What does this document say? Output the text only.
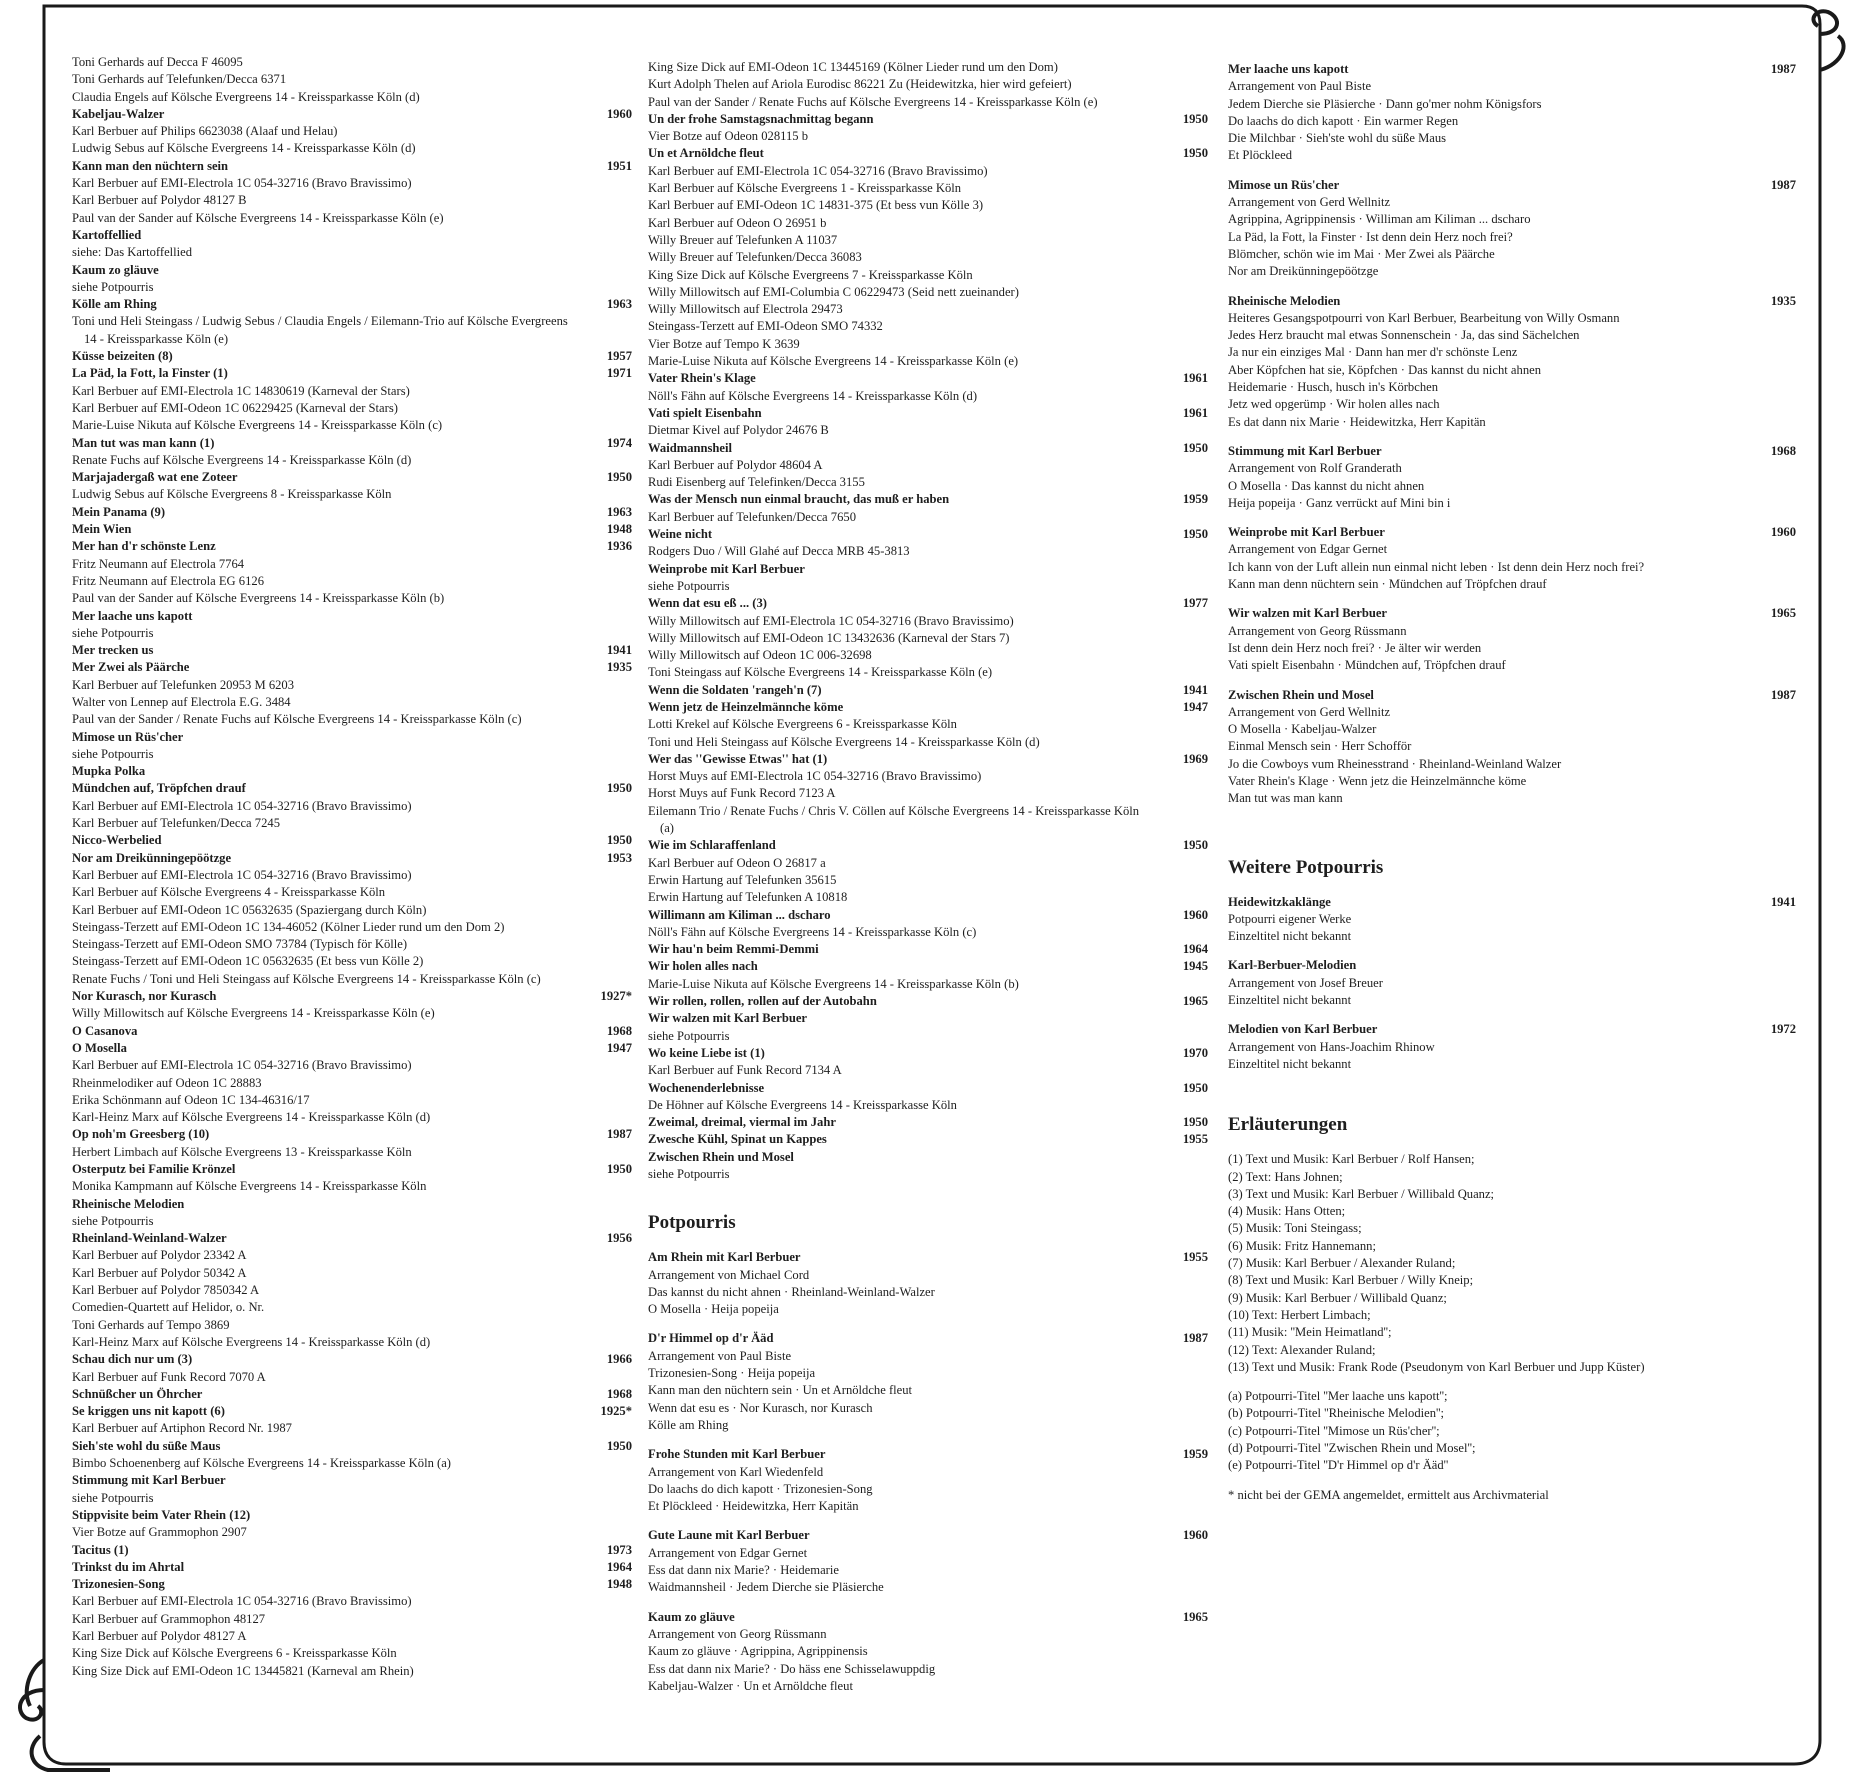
Toni Gerhards auf Decca F 46095
Toni Gerhards auf Telefunken/Decca 6371
Claudia Engels auf Kölsche Evergreens 14 - Kreissparkasse Köln (d)
Kabeljau-Walzer	1960
Karl Berbuer auf Philips 6623038 (Alaaf und Helau)
Ludwig Sebus auf Kölsche Evergreens 14 - Kreissparkasse Köln (d)
Kann man den nüchtern sein	1951
Karl Berbuer auf EMI-Electrola 1C 054-32716 (Bravo Bravissimo)
Karl Berbuer auf Polydor 48127 B
Paul van der Sander auf Kölsche Evergreens 14 - Kreissparkasse Köln (e)
Kartoffellied
siehe: Das Kartoffellied
Kaum zo gläuve
siehe Potpourris
Kölle am Rhing	1963
Toni und Heli Steingass / Ludwig Sebus / Claudia Engels / Eilemann-Trio auf Kölsche Evergreens 14 - Kreissparkasse Köln (e)
Küsse beizeiten (8)	1957
La Päd, la Fott, la Finster (1)	1971
Karl Berbuer auf EMI-Electrola 1C 14830619 (Karneval der Stars)
Karl Berbuer auf EMI-Odeon 1C 06229425 (Karneval der Stars)
Marie-Luise Nikuta auf Kölsche Evergreens 14 - Kreissparkasse Köln (c)
Man tut was man kann (1)	1974
Renate Fuchs auf Kölsche Evergreens 14 - Kreissparkasse Köln (d)
Marjajadergaß wat ene Zoteer	1950
Ludwig Sebus auf Kölsche Evergreens 8 - Kreissparkasse Köln
Mein Panama (9)	1963
Mein Wien	1948
Mer han d'r schönste Lenz	1936
Fritz Neumann auf Electrola 7764
Fritz Neumann auf Electrola EG 6126
Paul van der Sander auf Kölsche Evergreens 14 - Kreissparkasse Köln (b)
Mer laache uns kapott
siehe Potpourris
Mer trecken us	1941
Mer Zwei als Päärche	1935
Karl Berbuer auf Telefunken 20953 M 6203
Walter von Lennep auf Electrola E.G. 3484
Paul van der Sander / Renate Fuchs auf Kölsche Evergreens 14 - Kreissparkasse Köln (c)
Mimose un Rüs'cher
siehe Potpourris
Mupka Polka
Mündchen auf, Tröpfchen drauf	1950
Karl Berbuer auf EMI-Electrola 1C 054-32716 (Bravo Bravissimo)
Karl Berbuer auf Telefunken/Decca 7245
Nicco-Werbelied	1950
Nor am Dreikünningepöötzge	1953
Karl Berbuer auf EMI-Electrola 1C 054-32716 (Bravo Bravissimo)
Karl Berbuer auf Kölsche Evergreens 4 - Kreissparkasse Köln
Karl Berbuer auf EMI-Odeon 1C 05632635 (Spaziergang durch Köln)
Steingass-Terzett auf EMI-Odeon 1C 134-46052 (Kölner Lieder rund um den Dom 2)
Steingass-Terzett auf EMI-Odeon SMO 73784 (Typisch för Kölle)
Steingass-Terzett auf EMI-Odeon 1C 05632635 (Et bess vun Kölle 2)
Renate Fuchs / Toni und Heli Steingass auf Kölsche Evergreens 14 - Kreissparkasse Köln (c)
Nor Kurasch, nor Kurasch	1927*
Willy Millowitsch auf Kölsche Evergreens 14 - Kreissparkasse Köln (e)
O Casanova	1968
O Mosella	1947
Karl Berbuer auf EMI-Electrola 1C 054-32716 (Bravo Bravissimo)
Rheinmelodiker auf Odeon 1C 28883
Erika Schönmann auf Odeon 1C 134-46316/17
Karl-Heinz Marx auf Kölsche Evergreens 14 - Kreissparkasse Köln (d)
Op noh'm Greesberg (10)	1987
Herbert Limbach auf Kölsche Evergreens 13 - Kreissparkasse Köln
Osterputz bei Familie Krönzel	1950
Monika Kampmann auf Kölsche Evergreens 14 - Kreissparkasse Köln
Rheinische Melodien
siehe Potpourris
Rheinland-Weinland-Walzer	1956
Karl Berbuer auf Polydor 23342 A
Karl Berbuer auf Polydor 50342 A
Karl Berbuer auf Polydor 7850342 A
Comedien-Quartett auf Helidor, o. Nr.
Toni Gerhards auf Tempo 3869
Karl-Heinz Marx auf Kölsche Evergreens 14 - Kreissparkasse Köln (d)
Schau dich nur um (3)	1966
Karl Berbuer auf Funk Record 7070 A
Schnüßcher un Öhrcher	1968
Se kriggen uns nit kapott (6)	1925*
Karl Berbuer auf Artiphon Record Nr. 1987
Sieh'ste wohl du süße Maus	1950
Bimbo Schoenenberg auf Kölsche Evergreens 14 - Kreissparkasse Köln (a)
Stimmung mit Karl Berbuer
siehe Potpourris
Stippvisite beim Vater Rhein (12)
Vier Botze auf Grammophon 2907
Tacitus (1)	1973
Trinkst du im Ahrtal	1964
Trizonesien-Song	1948
Karl Berbuer auf EMI-Electrola 1C 054-32716 (Bravo Bravissimo)
Karl Berbuer auf Grammophon 48127
Karl Berbuer auf Polydor 48127 A
King Size Dick auf Kölsche Evergreens 6 - Kreissparkasse Köln
King Size Dick auf EMI-Odeon 1C 13445821 (Karneval am Rhein)
King Size Dick auf EMI-Odeon 1C 13445169 (Kölner Lieder rund um den Dom)
Kurt Adolph Thelen auf Ariola Eurodisc 86221 Zu (Heidewitzka, hier wird gefeiert)
Paul van der Sander / Renate Fuchs auf Kölsche Evergreens 14 - Kreissparkasse Köln (e)
Un der frohe Samstagsnachmittag begann	1950
Vier Botze auf Odeon 028115 b
Un et Arnöldche fleut	1950
Karl Berbuer auf EMI-Electrola 1C 054-32716 (Bravo Bravissimo)
Karl Berbuer auf Kölsche Evergreens 1 - Kreissparkasse Köln
Karl Berbuer auf EMI-Odeon 1C 14831-375 (Et bess vun Kölle 3)
Karl Berbuer auf Odeon O 26951 b
Willy Breuer auf Telefunken A 11037
Willy Breuer auf Telefunken/Decca 36083
King Size Dick auf Kölsche Evergreens 7 - Kreissparkasse Köln
Willy Millowitsch auf EMI-Columbia C 06229473 (Seid nett zueinander)
Willy Millowitsch auf Electrola 29473
Steingass-Terzett auf EMI-Odeon SMO 74332
Vier Botze auf Tempo K 3639
Marie-Luise Nikuta auf Kölsche Evergreens 14 - Kreissparkasse Köln (e)
Vater Rhein's Klage	1961
Nöll's Fähn auf Kölsche Evergreens 14 - Kreissparkasse Köln (d)
Vati spielt Eisenbahn	1961
Dietmar Kivel auf Polydor 24676 B
Waidmannsheil	1950
Karl Berbuer auf Polydor 48604 A
Rudi Eisenberg auf Telefinken/Decca 3155
Was der Mensch nun einmal braucht, das muß er haben	1959
Karl Berbuer auf Telefunken/Decca 7650
Weine nicht	1950
Rodgers Duo / Will Glahé auf Decca MRB 45-3813
Weinprobe mit Karl Berbuer
siehe Potpourris
Wenn dat esu eß ... (3)	1977
Willy Millowitsch auf EMI-Electrola 1C 054-32716 (Bravo Bravissimo)
Willy Millowitsch auf EMI-Odeon 1C 13432636 (Karneval der Stars 7)
Willy Millowitsch auf Odeon 1C 006-32698
Toni Steingass auf Kölsche Evergreens 14 - Kreissparkasse Köln (e)
Wenn die Soldaten 'rangeh'n (7)	1941
Wenn jetz de Heinzelmännche köme	1947
Lotti Krekel auf Kölsche Evergreens 6 - Kreissparkasse Köln
Toni und Heli Steingass auf Kölsche Evergreens 14 - Kreissparkasse Köln (d)
Wer das ''Gewisse Etwas'' hat (1)	1969
Horst Muys auf EMI-Electrola 1C 054-32716 (Bravo Bravissimo)
Horst Muys auf Funk Record 7123 A
Eilemann Trio / Renate Fuchs / Chris V. Cöllen auf Kölsche Evergreens 14 - Kreissparkasse Köln (a)
Wie im Schlaraffenland	1950
Karl Berbuer auf Odeon O 26817 a
Erwin Hartung auf Telefunken 35615
Erwin Hartung auf Telefunken A 10818
Willimann am Kiliman ... dscharo	1960
Nöll's Fähn auf Kölsche Evergreens 14 - Kreissparkasse Köln (c)
Wir hau'n beim Remmi-Demmi	1964
Wir holen alles nach	1945
Marie-Luise Nikuta auf Kölsche Evergreens 14 - Kreissparkasse Köln (b)
Wir rollen, rollen, rollen auf der Autobahn	1965
Wir walzen mit Karl Berbuer
siehe Potpourris
Wo keine Liebe ist (1)	1970
Karl Berbuer auf Funk Record 7134 A
Wochenenderlebnisse	1950
De Höhner auf Kölsche Evergreens 14 - Kreissparkasse Köln
Zweimal, dreimal, viermal im Jahr	1950
Zwesche Kühl, Spinat un Kappes	1955
Zwischen Rhein und Mosel
siehe Potpourris
Potpourris
Am Rhein mit Karl Berbuer	1955
Arrangement von Michael Cord
Das kannst du nicht ahnen · Rheinland-Weinland-Walzer
O Mosella · Heija popeija
D'r Himmel op d'r Ääd	1987
Arrangement von Paul Biste
Trizonesien-Song · Heija popeija
Kann man den nüchtern sein · Un et Arnöldche fleut
Wenn dat esu es · Nor Kurasch, nor Kurasch
Kölle am Rhing
Frohe Stunden mit Karl Berbuer	1959
Arrangement von Karl Wiedenfeld
Do laachs do dich kapott · Trizonesien-Song
Et Plöckleed · Heidewitzka, Herr Kapitän
Gute Laune mit Karl Berbuer	1960
Arrangement von Edgar Gernet
Ess dat dann nix Marie? · Heidemarie
Waidmannsheil · Jedem Dierche sie Pläsierche
Kaum zo gläuve	1965
Arrangement von Georg Rüssmann
Kaum zo gläuve · Agrippina, Agrippinensis
Ess dat dann nix Marie? · Do häss ene Schisselawuppdig
Kabeljau-Walzer · Un et Arnöldche fleut
Mer laache uns kapott	1987
Arrangement von Paul Biste
Jedem Dierche sie Pläsierche · Dann go'mer nohm Königsfors
Do laachs do dich kapott · Ein warmer Regen
Die Milchbar · Sieh'ste wohl du süße Maus
Et Plöckleed
Mimose un Rüs'cher	1987
Arrangement von Gerd Wellnitz
Agrippina, Agrippinensis · Williman am Kiliman ... dscharo
La Päd, la Fott, la Finster · Ist denn dein Herz noch frei?
Blömcher, schön wie im Mai · Mer Zwei als Päärche
Nor am Dreikünningepöötzge
Rheinische Melodien	1935
Heiteres Gesangspotpourri von Karl Berbuer, Bearbeitung von Willy Osmann
Jedes Herz braucht mal etwas Sonnenschein · Ja, das sind Sächelchen
Ja nur ein einziges Mal · Dann han mer d'r schönste Lenz
Aber Köpfchen hat sie, Köpfchen · Das kannst du nicht ahnen
Heidemarie · Husch, husch in's Körbchen
Jetz wed opgerümp · Wir holen alles nach
Es dat dann nix Marie · Heidewitzka, Herr Kapitän
Stimmung mit Karl Berbuer	1968
Arrangement von Rolf Granderath
O Mosella · Das kannst du nicht ahnen
Heija popeija · Ganz verrückt auf Mini bin i
Weinprobe mit Karl Berbuer	1960
Arrangement von Edgar Gernet
Ich kann von der Luft allein nun einmal nicht leben · Ist denn dein Herz noch frei?
Kann man denn nüchtern sein · Mündchen auf Tröpfchen drauf
Wir walzen mit Karl Berbuer	1965
Arrangement von Georg Rüssmann
Ist denn dein Herz noch frei? · Je älter wir werden
Vati spielt Eisenbahn · Mündchen auf, Tröpfchen drauf
Zwischen Rhein und Mosel	1987
Arrangement von Gerd Wellnitz
O Mosella · Kabeljau-Walzer
Einmal Mensch sein · Herr Schofför
Jo die Cowboys vum Rheinesstrand · Rheinland-Weinland Walzer
Vater Rhein's Klage · Wenn jetz die Heinzelmännche köme
Man tut was man kann
Weitere Potpourris
Heidewitzkaklänge	1941
Potpourri eigener Werke
Einzeltitel nicht bekannt
Karl-Berbuer-Melodien
Arrangement von Josef Breuer
Einzeltitel nicht bekannt
Melodien von Karl Berbuer	1972
Arrangement von Hans-Joachim Rhinow
Einzeltitel nicht bekannt
Erläuterungen
(1) Text und Musik: Karl Berbuer / Rolf Hansen;
(2) Text: Hans Johnen;
(3) Text und Musik: Karl Berbuer / Willibald Quanz;
(4) Musik: Hans Otten;
(5) Musik: Toni Steingass;
(6) Musik: Fritz Hannemann;
(7) Musik: Karl Berbuer / Alexander Ruland;
(8) Text und Musik: Karl Berbuer / Willy Kneip;
(9) Musik: Karl Berbuer / Willibald Quanz;
(10) Text: Herbert Limbach;
(11) Musik: ''Mein Heimatland'';
(12) Text: Alexander Ruland;
(13) Text und Musik: Frank Rode (Pseudonym von Karl Berbuer und Jupp Küster)
(a) Potpourri-Titel ''Mer laache uns kapott'';
(b) Potpourri-Titel ''Rheinische Melodien'';
(c) Potpourri-Titel ''Mimose un Rüs'cher'';
(d) Potpourri-Titel ''Zwischen Rhein und Mosel'';
(e) Potpourri-Titel ''D'r Himmel op d'r Ääd''
* nicht bei der GEMA angemeldet, ermittelt aus Archivmaterial
